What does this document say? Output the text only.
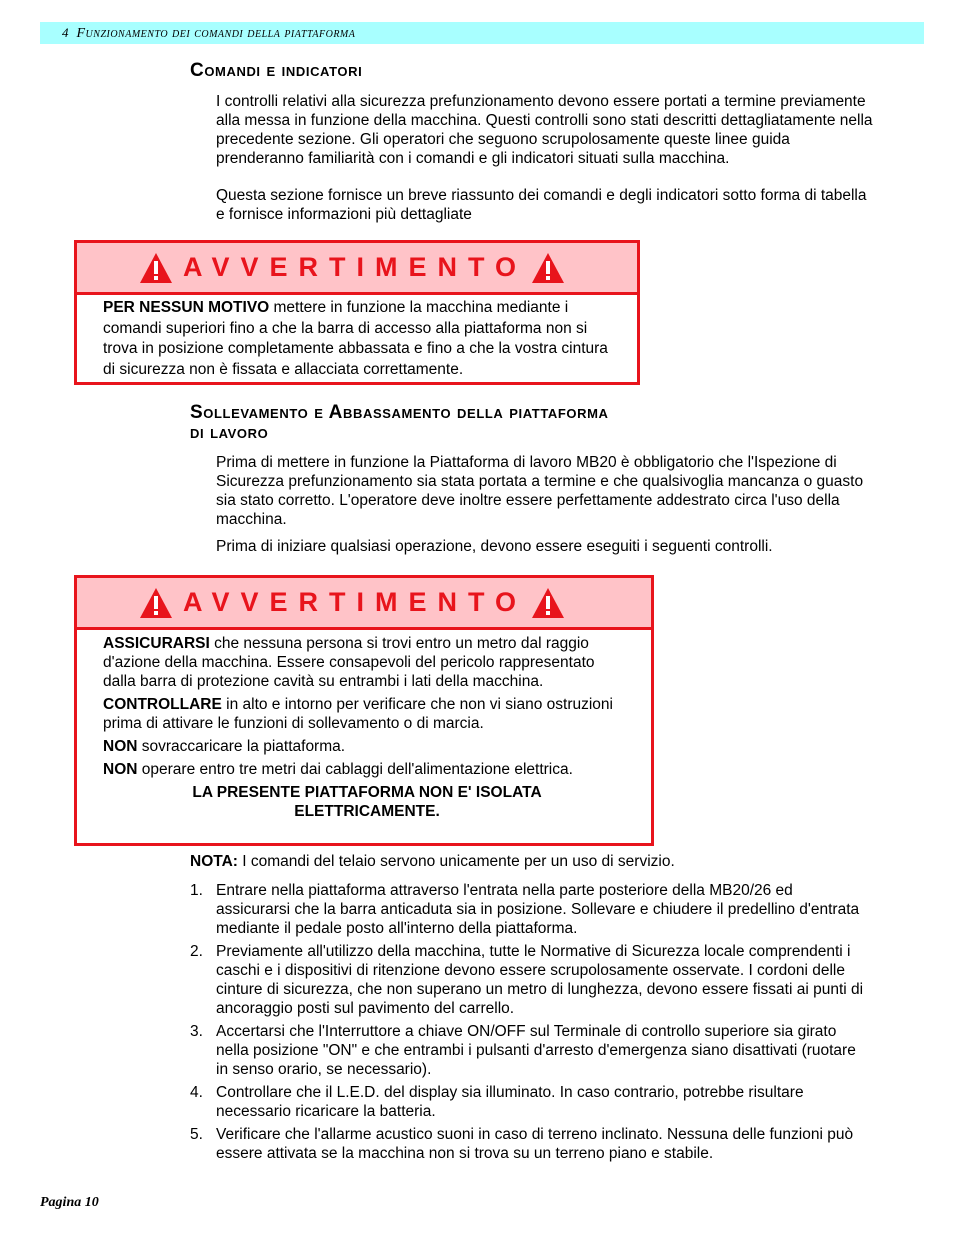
4 Funzionamento dei comandi della piattaforma
Comandi e indicatori

I controlli relativi alla sicurezza prefunzionamento devono essere portati a termine previamente alla messa in funzione della macchina. Questi controlli sono stati descritti dettagliatamente nella precedente sezione. Gli operatori che seguono scrupolosamente queste linee guida prenderanno familiarità con i comandi e gli indicatori situati sulla macchina.

Questa sezione fornisce un breve riassunto dei comandi e degli indicatori sotto forma di tabella e fornisce informazioni più dettagliate

AVVERTIMENTO

PER NESSUN MOTIVO mettere in funzione la macchina mediante i comandi superiori fino a che la barra di accesso alla piattaforma non si trova in posizione completamente abbassata e fino a che la vostra cintura di sicurezza non è fissata e allacciata correttamente.

Sollevamento e Abbassamento della piattaforma
di lavoro

Prima di mettere in funzione la Piattaforma di lavoro MB20 è obbligatorio che l'Ispezione di Sicurezza prefunzionamento sia stata portata a termine e che qualsivoglia mancanza o guasto sia stato corretto. L'operatore deve inoltre essere perfettamente addestrato circa l'uso della macchina.

Prima di iniziare qualsiasi operazione, devono essere eseguiti i seguenti controlli.

AVVERTIMENTO

ASSICURARSI che nessuna persona si trovi entro un metro dal raggio d'azione della macchina. Essere consapevoli del pericolo rappresentato dalla barra di protezione cavità su entrambi i lati della macchina.

CONTROLLARE in alto e intorno per verificare che non vi siano ostruzioni prima di attivare le funzioni di sollevamento o di marcia.

NON sovraccaricare la piattaforma.

NON operare entro tre metri dai cablaggi dell'alimentazione elettrica.

LA PRESENTE PIATTAFORMA NON E' ISOLATA
ELETTRICAMENTE.

NOTA: I comandi del telaio servono unicamente per un uso di servizio.

1. Entrare nella piattaforma attraverso l'entrata nella parte posteriore della MB20/26 ed assicurarsi che la barra anticaduta sia in posizione. Sollevare e chiudere il predellino d'entrata mediante il pedale posto all'interno della piattaforma.
2. Previamente all'utilizzo della macchina, tutte le Normative di Sicurezza locale comprendenti i caschi e i dispositivi di ritenzione devono essere scrupolosamente osservate. I cordoni delle cinture di sicurezza, che non superano un metro di lunghezza, devono essere fissati ai punti di ancoraggio posti sul pavimento del carrello.
3. Accertarsi che l'Interruttore a chiave ON/OFF sul Terminale di controllo superiore sia girato nella posizione "ON" e che entrambi i pulsanti d'arresto d'emergenza siano disattivati (ruotare in senso orario, se necessario).
4. Controllare che il L.E.D. del display sia illuminato. In caso contrario, potrebbe risultare necessario ricaricare la batteria.
5. Verificare che l'allarme acustico suoni in caso di terreno inclinato. Nessuna delle funzioni può essere attivata se la macchina non si trova su un terreno piano e stabile.
Pagina 10
